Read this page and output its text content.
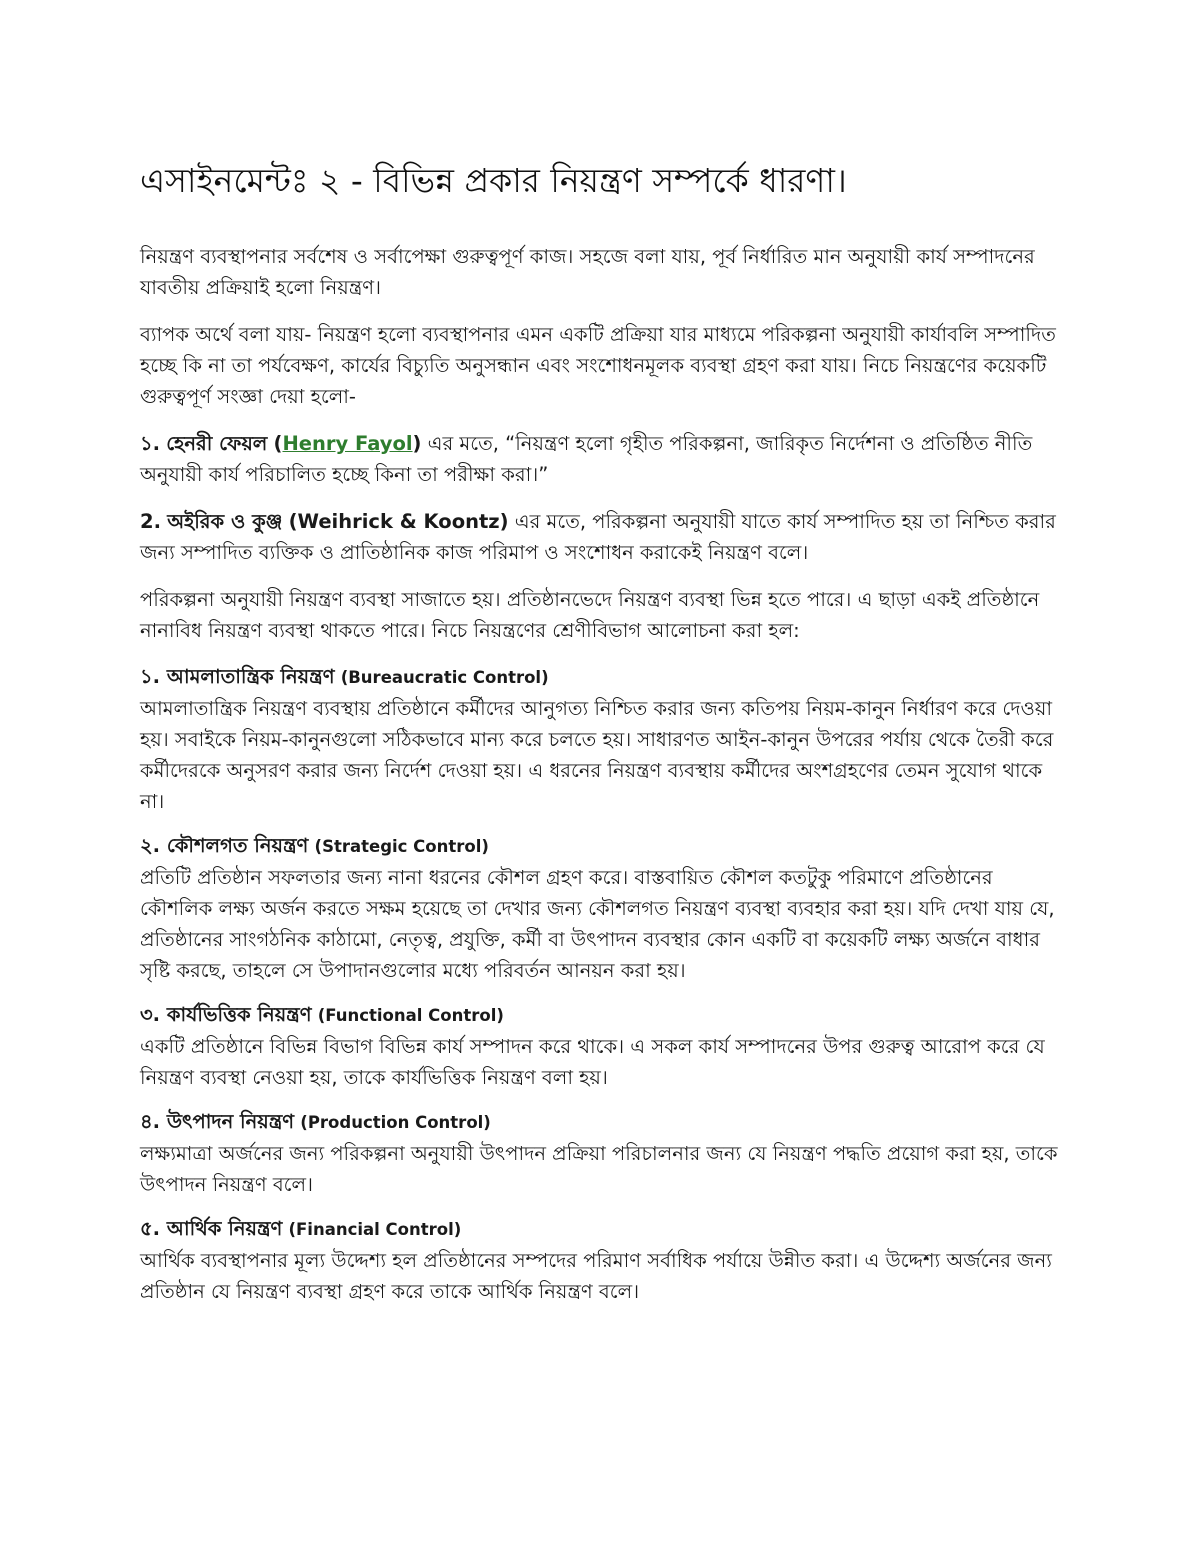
এসাইনমেন্টঃ ২ - বিভিন্ন প্রকার নিয়ন্ত্রণ সম্পর্কে ধারণা।

নিয়ন্ত্রণ ব্যবস্থাপনার সর্বশেষ ও সর্বাপেক্ষা গুরুত্বপূর্ণ কাজ। সহজে বলা যায়, পূর্ব নির্ধারিত মান অনুযায়ী কার্য সম্পাদনের যাবতীয় প্রক্রিয়াই হলো নিয়ন্ত্রণ।

ব্যাপক অর্থে বলা যায়- নিয়ন্ত্রণ হলো ব্যবস্থাপনার এমন একটি প্রক্রিয়া যার মাধ্যমে পরিকল্পনা অনুযায়ী কার্যাবলি সম্পাদিত হচ্ছে কি না তা পর্যবেক্ষণ, কার্যের বিচ্যুতি অনুসন্ধান এবং সংশোধনমূলক ব্যবস্থা গ্রহণ করা যায়। নিচে নিয়ন্ত্রণের কয়েকটি গুরুত্বপূর্ণ সংজ্ঞা দেয়া হলো-

১. হেনরী ফেয়ল (Henry Fayol) এর মতে, “নিয়ন্ত্রণ হলো গৃহীত পরিকল্পনা, জারিকৃত নির্দেশনা ও প্রতিষ্ঠিত নীতি অনুযায়ী কার্য পরিচালিত হচ্ছে কিনা তা পরীক্ষা করা।”

2. অইরিক ও কুঞ্জ (Weihrick & Koontz) এর মতে, পরিকল্পনা অনুযায়ী যাতে কার্য সম্পাদিত হয় তা নিশ্চিত করার জন্য সম্পাদিত ব্যক্তিক ও প্রাতিষ্ঠানিক কাজ পরিমাপ ও সংশোধন করাকেই নিয়ন্ত্রণ বলে।

পরিকল্পনা অনুযায়ী নিয়ন্ত্রণ ব্যবস্থা সাজাতে হয়। প্রতিষ্ঠানভেদে নিয়ন্ত্রণ ব্যবস্থা ভিন্ন হতে পারে। এ ছাড়া একই প্রতিষ্ঠানে নানাবিধ নিয়ন্ত্রণ ব্যবস্থা থাকতে পারে। নিচে নিয়ন্ত্রণের শ্রেণীবিভাগ আলোচনা করা হল:

১. আমলাতান্ত্রিক নিয়ন্ত্রণ (Bureaucratic Control)

আমলাতান্ত্রিক নিয়ন্ত্রণ ব্যবস্থায় প্রতিষ্ঠানে কর্মীদের আনুগত্য নিশ্চিত করার জন্য কতিপয় নিয়ম-কানুন নির্ধারণ করে দেওয়া হয়। সবাইকে নিয়ম-কানুনগুলো সঠিকভাবে মান্য করে চলতে হয়। সাধারণত আইন-কানুন উপরের পর্যায় থেকে তৈরী করে কর্মীদেরকে অনুসরণ করার জন্য নির্দেশ দেওয়া হয়। এ ধরনের নিয়ন্ত্রণ ব্যবস্থায় কর্মীদের অংশগ্রহণের তেমন সুযোগ থাকে না।

২. কৌশলগত নিয়ন্ত্রণ (Strategic Control)

প্রতিটি প্রতিষ্ঠান সফলতার জন্য নানা ধরনের কৌশল গ্রহণ করে। বাস্তবায়িত কৌশল কতটুকু পরিমাণে প্রতিষ্ঠানের কৌশলিক লক্ষ্য অর্জন করতে সক্ষম হয়েছে তা দেখার জন্য কৌশলগত নিয়ন্ত্রণ ব্যবস্থা ব্যবহার করা হয়। যদি দেখা যায় যে, প্রতিষ্ঠানের সাংগঠনিক কাঠামো, নেতৃত্ব, প্রযুক্তি, কর্মী বা উৎপাদন ব্যবস্থার কোন একটি বা কয়েকটি লক্ষ্য অর্জনে বাধার সৃষ্টি করছে, তাহলে সে উপাদানগুলোর মধ্যে পরিবর্তন আনয়ন করা হয়।

৩. কার্যভিত্তিক নিয়ন্ত্রণ (Functional Control)

একটি প্রতিষ্ঠানে বিভিন্ন বিভাগ বিভিন্ন কার্য সম্পাদন করে থাকে। এ সকল কার্য সম্পাদনের উপর গুরুত্ব আরোপ করে যে নিয়ন্ত্রণ ব্যবস্থা নেওয়া হয়, তাকে কার্যভিত্তিক নিয়ন্ত্রণ বলা হয়।

৪. উৎপাদন নিয়ন্ত্রণ (Production Control)

লক্ষ্যমাত্রা অর্জনের জন্য পরিকল্পনা অনুযায়ী উৎপাদন প্রক্রিয়া পরিচালনার জন্য যে নিয়ন্ত্রণ পদ্ধতি প্রয়োগ করা হয়, তাকে উৎপাদন নিয়ন্ত্রণ বলে।

৫. আর্থিক নিয়ন্ত্রণ (Financial Control)

আর্থিক ব্যবস্থাপনার মূল্য উদ্দেশ্য হল প্রতিষ্ঠানের সম্পদের পরিমাণ সর্বাধিক পর্যায়ে উন্নীত করা। এ উদ্দেশ্য অর্জনের জন্য প্রতিষ্ঠান যে নিয়ন্ত্রণ ব্যবস্থা গ্রহণ করে তাকে আর্থিক নিয়ন্ত্রণ বলে।
